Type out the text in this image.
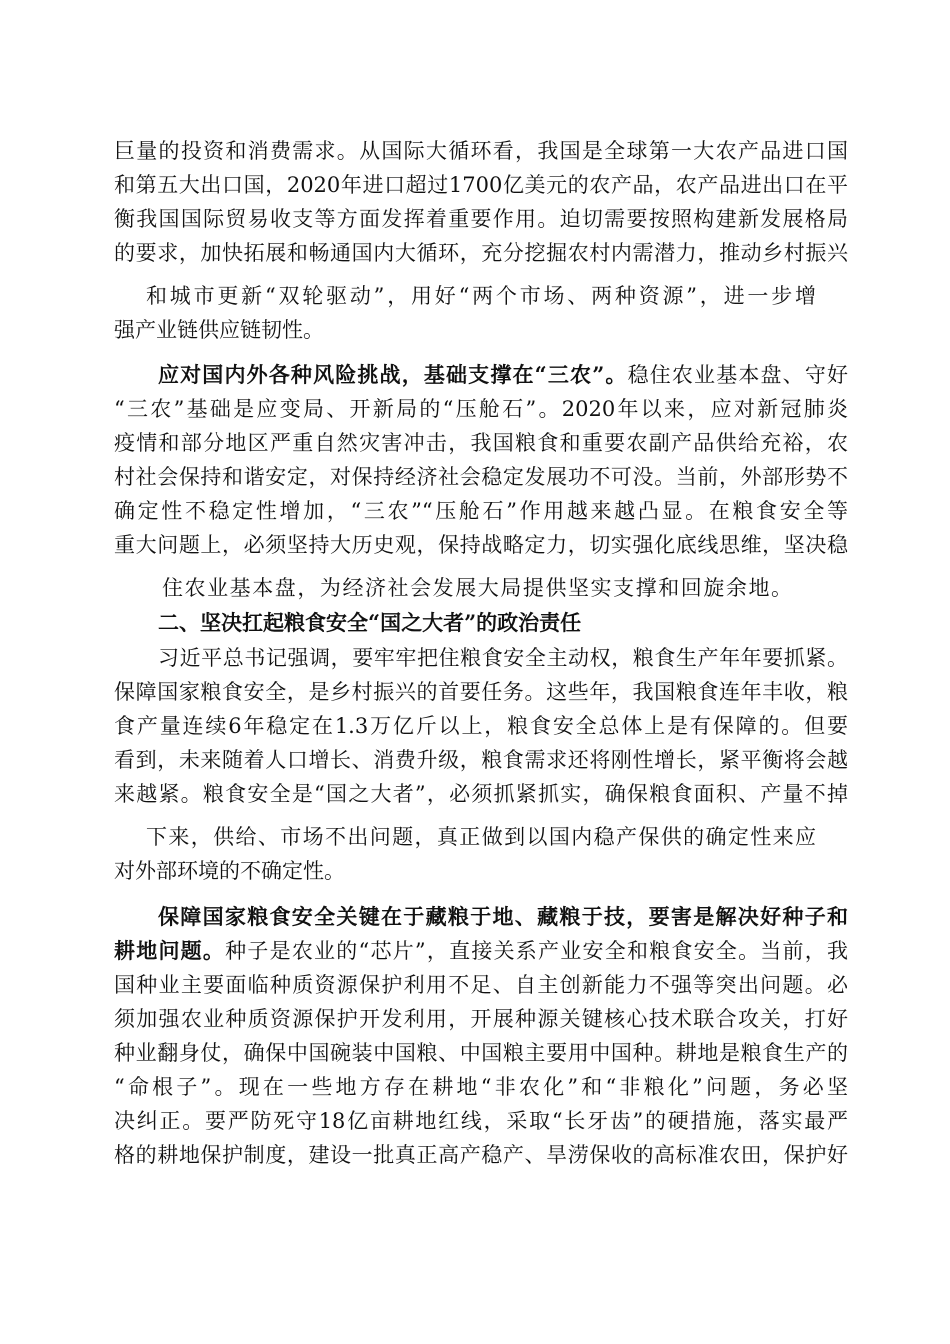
巨量的投资和消费需求。从国际大循环看，我国是全球第一大农产品进口国
和第五大出口国，2020年进口超过1700亿美元的农产品，农产品进出口在平
衡我国国际贸易收支等方面发挥着重要作用。迫切需要按照构建新发展格局
的要求，加快拓展和畅通国内大循环，充分挖掘农村内需潜力，推动乡村振兴
和城市更新“双轮驱动”，用好“两个市场、两种资源”，进一步增
强产业链供应链韧性。
应对国内外各种风险挑战，基础支撑在“三农”。稳住农业基本盘、守好
“三农”基础是应变局、开新局的“压舱石”。2020年以来，应对新冠肺炎
疫情和部分地区严重自然灾害冲击，我国粮食和重要农副产品供给充裕，农
村社会保持和谐安定，对保持经济社会稳定发展功不可没。当前，外部形势不
确定性不稳定性增加，“三农”“压舱石”作用越来越凸显。在粮食安全等
重大问题上，必须坚持大历史观，保持战略定力，切实强化底线思维，坚决稳
住农业基本盘，为经济社会发展大局提供坚实支撑和回旋余地。
二、坚决扛起粮食安全“国之大者”的政治责任
习近平总书记强调，要牢牢把住粮食安全主动权，粮食生产年年要抓紧。
保障国家粮食安全，是乡村振兴的首要任务。这些年，我国粮食连年丰收，粮
食产量连续6年稳定在1.3万亿斤以上，粮食安全总体上是有保障的。但要
看到，未来随着人口增长、消费升级，粮食需求还将刚性增长，紧平衡将会越
来越紧。粮食安全是“国之大者”，必须抓紧抓实，确保粮食面积、产量不掉
下来，供给、市场不出问题，真正做到以国内稳产保供的确定性来应
对外部环境的不确定性。
保障国家粮食安全关键在于藏粮于地、藏粮于技，要害是解决好种子和
耕地问题。种子是农业的“芯片”，直接关系产业安全和粮食安全。当前，我
国种业主要面临种质资源保护利用不足、自主创新能力不强等突出问题。必
须加强农业种质资源保护开发利用，开展种源关键核心技术联合攻关，打好
种业翻身仗，确保中国碗装中国粮、中国粮主要用中国种。耕地是粮食生产的
“命根子”。现在一些地方存在耕地“非农化”和“非粮化”问题，务必坚
决纠正。要严防死守18亿亩耕地红线，采取“长牙齿”的硬措施，落实最严
格的耕地保护制度，建设一批真正高产稳产、旱涝保收的高标准农田，保护好
